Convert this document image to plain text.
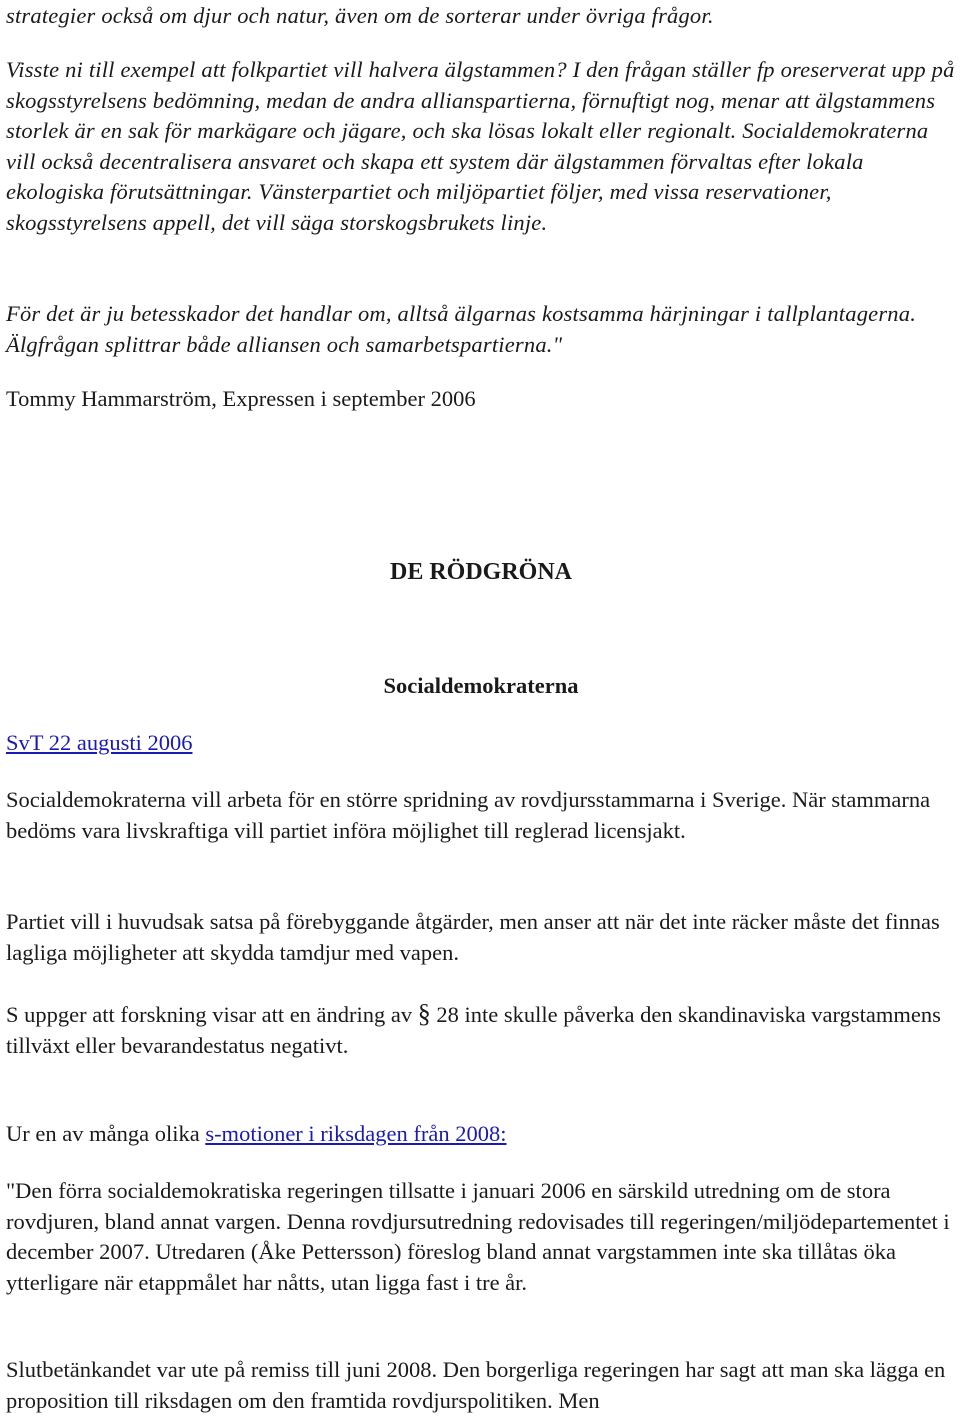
strategier också om djur och natur, även om de sorterar under övriga frågor.

Visste ni till exempel att folkpartiet vill halvera älgstammen? I den frågan ställer fp oreserverat upp på skogsstyrelsens bedömning, medan de andra allianspartierna, förnuftigt nog, menar att älgstammens storlek är en sak för markägare och jägare, och ska lösas lokalt eller regionalt. Socialdemokraterna vill också decentralisera ansvaret och skapa ett system där älgstammen förvaltas efter lokala ekologiska förutsättningar. Vänsterpartiet och miljöpartiet följer, med vissa reservationer, skogsstyrelsens appell, det vill säga storskogsbrukets linje.

För det är ju betesskador det handlar om, alltså älgarnas kostsamma härjningar i tallplantagerna. Älgfrågan splittrar både alliansen och samarbetspartierna."

Tommy Hammarström, Expressen i september 2006

DE RÖDGRÖNA
Socialdemokraterna

SvT 22 augusti 2006

Socialdemokraterna vill arbeta för en större spridning av rovdjursstammarna i Sverige. När stammarna bedöms vara livskraftiga vill partiet införa möjlighet till reglerad licensjakt.

Partiet vill i huvudsak satsa på förebyggande åtgärder, men anser att när det inte räcker måste det finnas lagliga möjligheter att skydda tamdjur med vapen.

S uppger att forskning visar att en ändring av § 28 inte skulle påverka den skandinaviska vargstammens tillväxt eller bevarandestatus negativt.

Ur en av många olika s-motioner i riksdagen från 2008:

"Den förra socialdemokratiska regeringen tillsatte i januari 2006 en särskild utredning om de stora rovdjuren, bland annat vargen. Denna rovdjursutredning redovisades till regeringen/miljödepartementet i december 2007. Utredaren (Åke Pettersson) föreslog bland annat vargstammen inte ska tillåtas öka ytterligare när etappmålet har nåtts, utan ligga fast i tre år.

Slutbetänkandet var ute på remiss till juni 2008. Den borgerliga regeringen har sagt att man ska lägga en proposition till riksdagen om den framtida rovdjurspolitiken. Men
